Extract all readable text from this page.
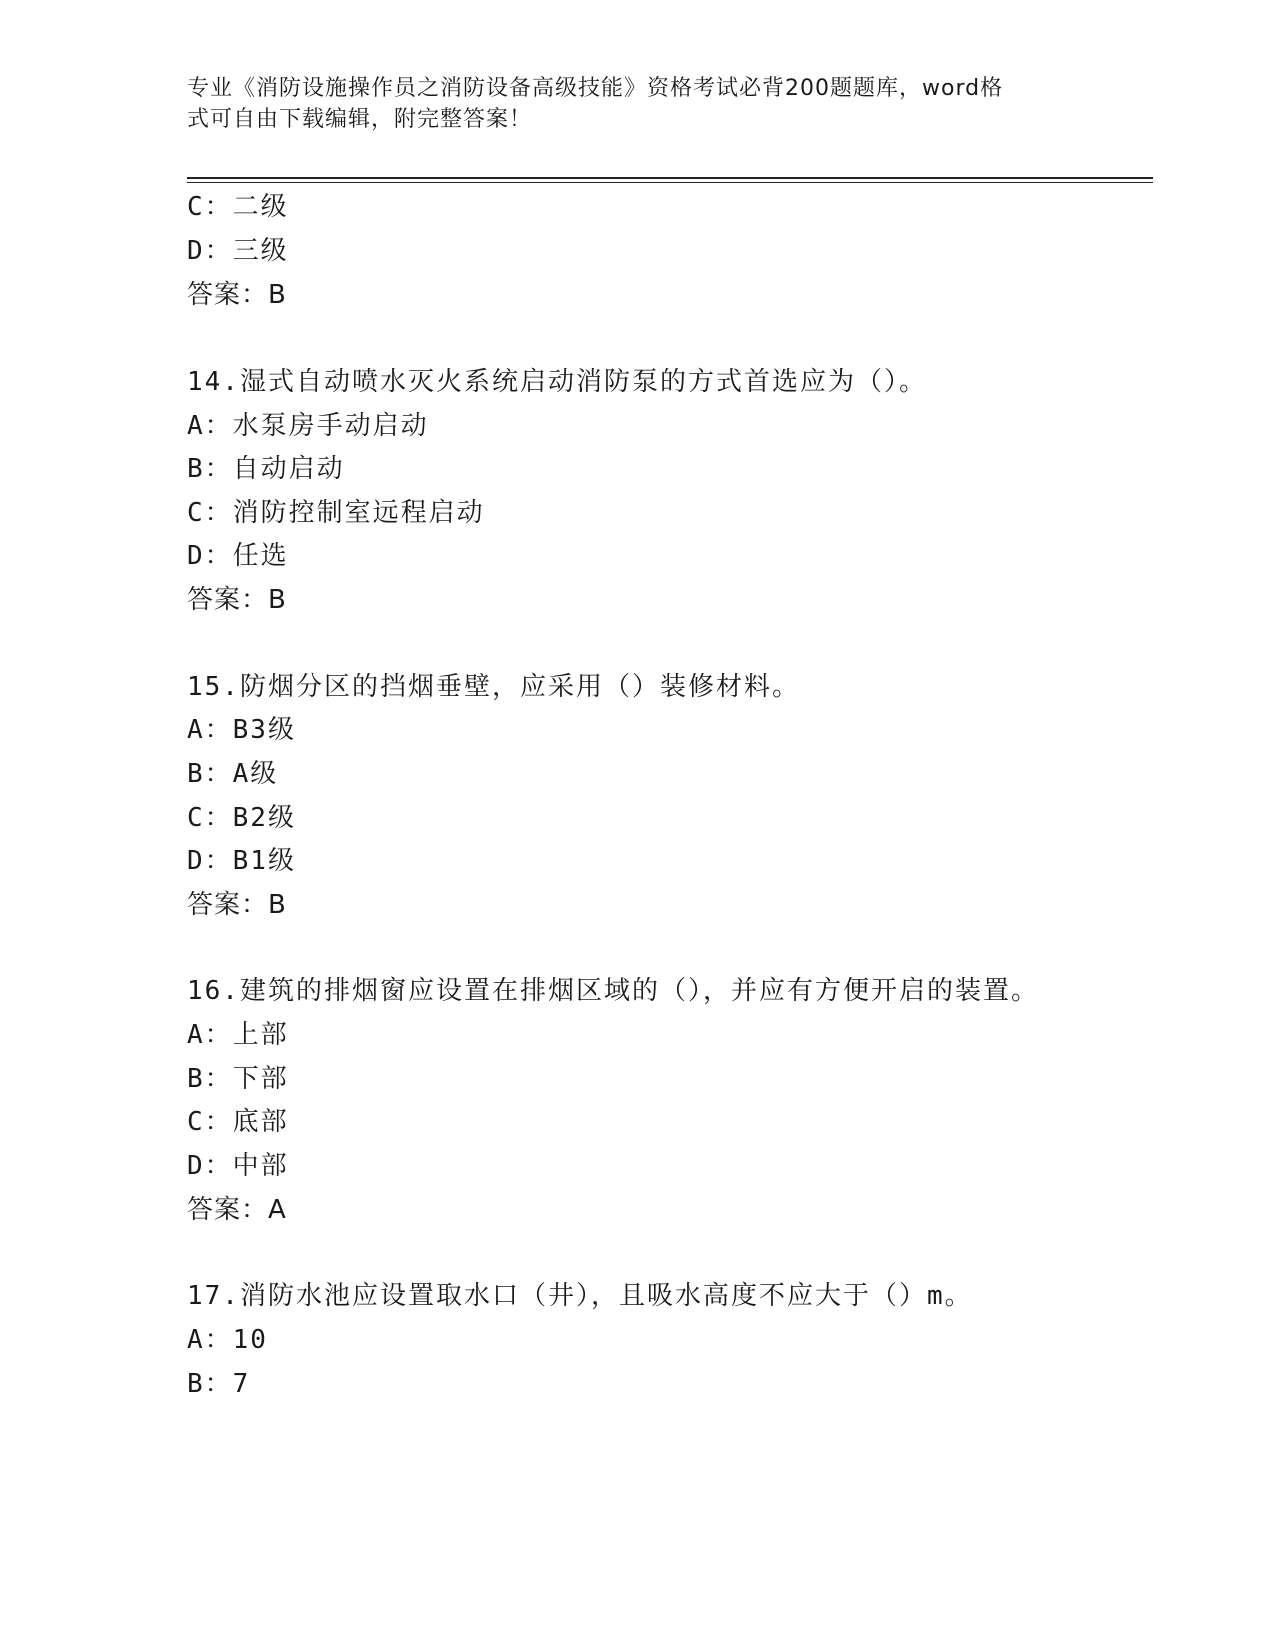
专业《消防设施操作员之消防设备高级技能》资格考试必背200题题库，word格
式可自由下载编辑，附完整答案！
C：二级
D：三级
答案：B
14.湿式自动喷水灭火系统启动消防泵的方式首选应为（）。
A：水泵房手动启动
B：自动启动
C：消防控制室远程启动
D：任选
答案：B
15.防烟分区的挡烟垂壁，应采用（）装修材料。
A：B3级
B：A级
C：B2级
D：B1级
答案：B
16.建筑的排烟窗应设置在排烟区域的（），并应有方便开启的装置。
A：上部
B：下部
C：底部
D：中部
答案：A
17.消防水池应设置取水口（井），且吸水高度不应大于（）m。
A：10
B：7
